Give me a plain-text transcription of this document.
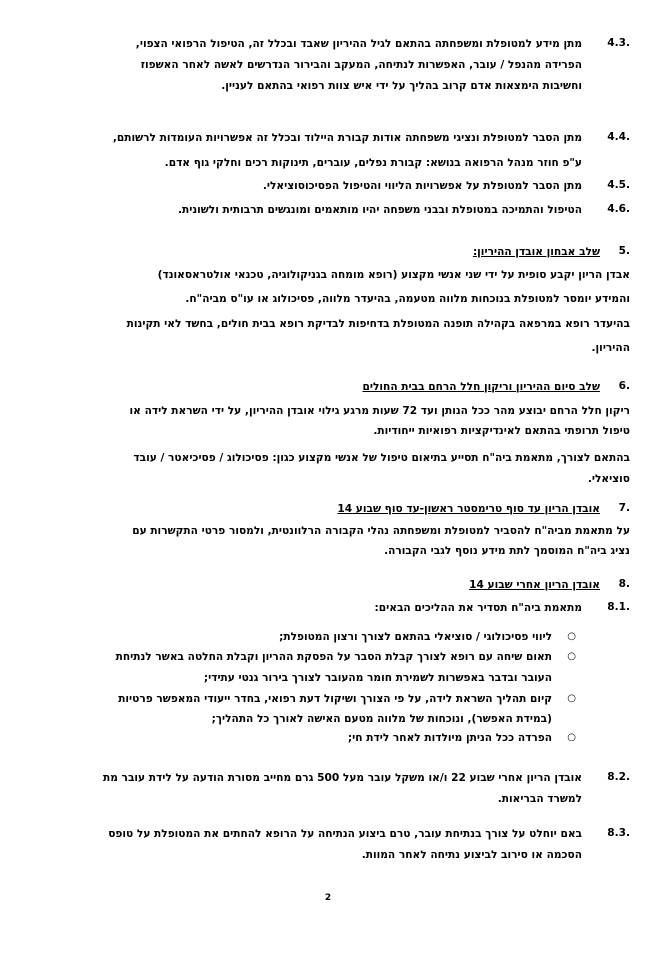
4.3.
מתן מידע למטופלת ומשפחתה בהתאם לגיל ההיריון שאבד ובכלל זה, הטיפול הרפואי הצפוי,
הפרידה מהנפל / עובר, האפשרות לנתיחה, המעקב והבירור הנדרשים לאשה לאחר האשפוז
וחשיבות הימצאות אדם קרוב בהליך על ידי איש צוות רפואי בהתאם לעניין.
4.4.
מתן הסבר למטופלת ונציגי משפחתה אודות קבורת היילוד ובכלל זה אפשרויות העומדות לרשותם,
ע"פ חוזר מנהל הרפואה בנושא: קבורת נפלים, עוברים, תינוקות רכים וחלקי גוף אדם.
4.5.
מתן הסבר למטופלת על אפשרויות הליווי והטיפול הפסיכוסוציאלי.
4.6.
הטיפול והתמיכה במטופלת ובבני משפחה יהיו מותאמים ומונגשים תרבותית ולשונית.
5.
שלב אבחון אובדן ההיריון:
אבדן הריון יקבע סופית על ידי שני אנשי מקצוע (רופא מומחה בגניקולוגיה, טכנאי אולטראסאונד)
והמידע יומסר למטופלת בנוכחות מלווה מטעמה, בהיעדר מלווה, פסיכולוג או עו"ס מביה"ח.
בהיעדר רופא במרפאה בקהילה תופנה המטופלת בדחיפות לבדיקת רופא בבית חולים, בחשד לאי תקינות
ההיריון.
6.
שלב סיום ההיריון וריקון חלל הרחם בבית החולים
ריקון חלל הרחם יבוצע מהר ככל הנותן ועד 72 שעות מרגע גילוי אובדן ההיריון, על ידי השראת לידה או
טיפול תרופתי בהתאם לאינדיקציות רפואיות ייחודיות.
בהתאם לצורך, מתאמת ביה"ח תסייע בתיאום טיפול של אנשי מקצוע כגון: פסיכולוג / פסיכיאטר / עובד
סוציאלי.
7.
אובדן הריון עד סוף טרימסטר ראשון-עד סוף שבוע 14
על מתאמת מביה"ח להסביר למטופלת ומשפחתה נהלי הקבורה הרלוונטית, ולמסור פרטי התקשרות עם
נציג ביה"ח המוסמך לתת מידע נוסף לגבי הקבורה.
8.
אובדן הריון אחרי שבוע 14
8.1.
מתאמת ביה"ח תסדיר את ההליכים הבאים:
○
ליווי פסיכולוגי / סוציאלי בהתאם לצורך ורצון המטופלת;
○
תאום שיחה עם רופא לצורך קבלת הסבר על הפסקת ההריון וקבלת החלטה באשר לנתיחת
העובר ובדבר באפשרות לשמירת חומר מהעובר לצורך בירור גנטי עתידי;
○
קיום תהליך השראת לידה, על פי הצורך ושיקול דעת רפואי, בחדר ייעודי המאפשר פרטיות
(במידת האפשר), ונוכחות של מלווה מטעם האישה לאורך כל התהליך;
○
הפרדה ככל הניתן מיולדות לאחר לידת חי;
8.2.
אובדן הריון אחרי שבוע 22 ו/או משקל עובר מעל 500 גרם מחייב מסורת הודעה על לידת עובר מת
למשרד הבריאות.
8.3.
באם יוחלט על צורך בנתיחת עובר, טרם ביצוע הנתיחה על הרופא להחתים את המטופלת על טופס
הסכמה או סירוב לביצוע נתיחה לאחר המוות.
2
